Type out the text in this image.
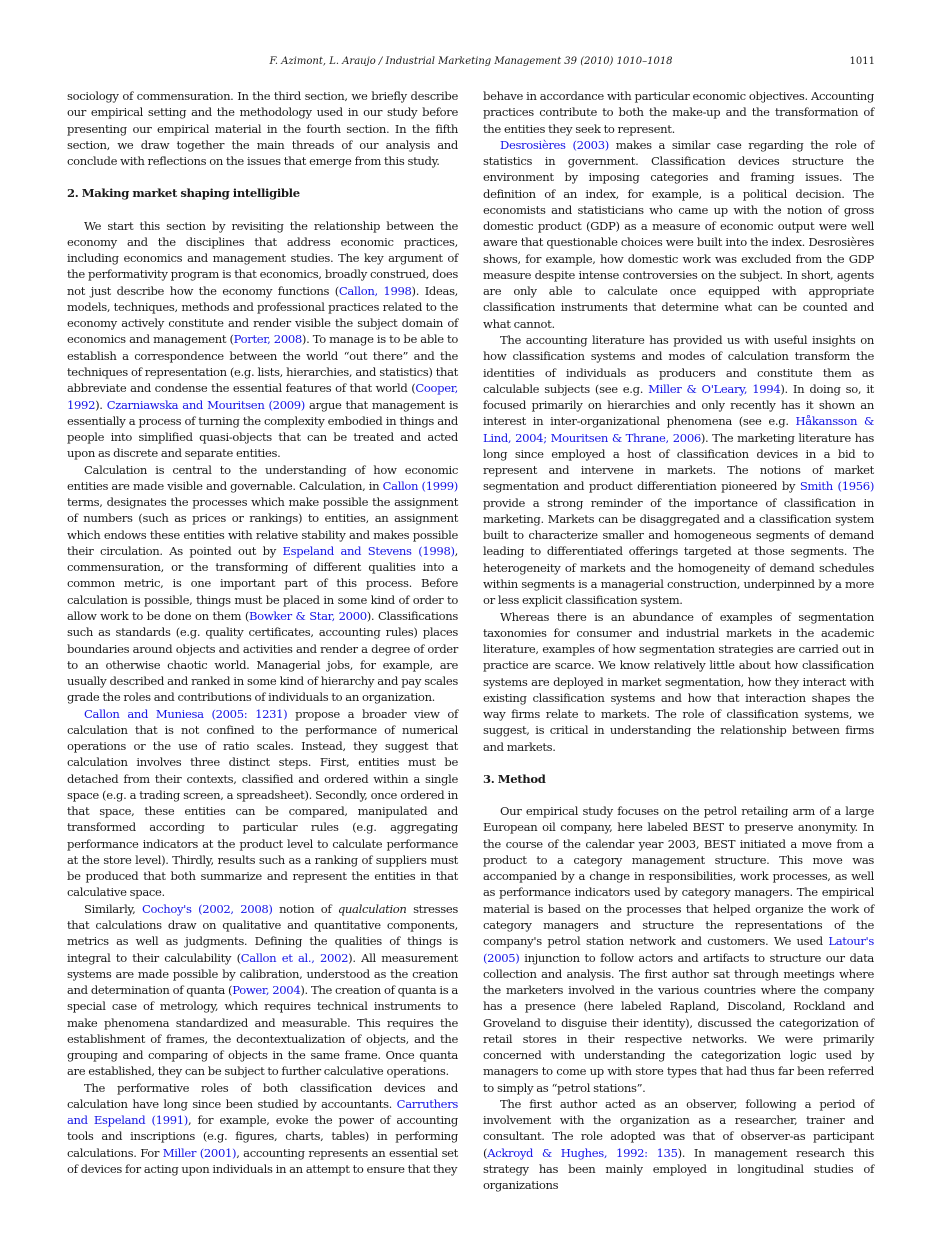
F. Azimont, L. Araujo / Industrial Marketing Management 39 (2010) 1010–1018	1011

sociology of commensuration. In the third section, we briefly describe our empirical setting and the methodology used in our study before presenting our empirical material in the fourth section. In the fifth section, we draw together the main threads of our analysis and conclude with reflections on the issues that emerge from this study.

2. Making market shaping intelligible

We start this section by revisiting the relationship between the economy and the disciplines that address economic practices, including economics and management studies. The key argument of the performativity program is that economics, broadly construed, does not just describe how the economy functions (Callon, 1998). Ideas, models, techniques, methods and professional practices related to the economy actively constitute and render visible the subject domain of economics and management (Porter, 2008). To manage is to be able to establish a correspondence between the world “out there” and the techniques of representation (e.g. lists, hierarchies, and statistics) that abbreviate and condense the essential features of that world (Cooper, 1992). Czarniawska and Mouritsen (2009) argue that management is essentially a process of turning the complexity embodied in things and people into simplified quasi-objects that can be treated and acted upon as discrete and separate entities.

Calculation is central to the understanding of how economic entities are made visible and governable. Calculation, in Callon (1999) terms, designates the processes which make possible the assignment of numbers (such as prices or rankings) to entities, an assignment which endows these entities with relative stability and makes possible their circulation. As pointed out by Espeland and Stevens (1998), commensuration, or the transforming of different qualities into a common metric, is one important part of this process. Before calculation is possible, things must be placed in some kind of order to allow work to be done on them (Bowker & Star, 2000). Classifications such as standards (e.g. quality certificates, accounting rules) places boundaries around objects and activities and render a degree of order to an otherwise chaotic world. Managerial jobs, for example, are usually described and ranked in some kind of hierarchy and pay scales grade the roles and contributions of individuals to an organization.

Callon and Muniesa (2005: 1231) propose a broader view of calculation that is not confined to the performance of numerical operations or the use of ratio scales. Instead, they suggest that calculation involves three distinct steps. First, entities must be detached from their contexts, classified and ordered within a single space (e.g. a trading screen, a spreadsheet). Secondly, once ordered in that space, these entities can be compared, manipulated and transformed according to particular rules (e.g. aggregating performance indicators at the product level to calculate performance at the store level). Thirdly, results such as a ranking of suppliers must be produced that both summarize and represent the entities in that calculative space.

Similarly, Cochoy's (2002, 2008) notion of qualculation stresses that calculations draw on qualitative and quantitative components, metrics as well as judgments. Defining the qualities of things is integral to their calculability (Callon et al., 2002). All measurement systems are made possible by calibration, understood as the creation and determination of quanta (Power, 2004). The creation of quanta is a special case of metrology, which requires technical instruments to make phenomena standardized and measurable. This requires the establishment of frames, the decontextualization of objects, and the grouping and comparing of objects in the same frame. Once quanta are established, they can be subject to further calculative operations.

The performative roles of both classification devices and calculation have long since been studied by accountants. Carruthers and Espeland (1991), for example, evoke the power of accounting tools and inscriptions (e.g. figures, charts, tables) in performing calculations. For Miller (2001), accounting represents an essential set of devices for acting upon individuals in an attempt to ensure that they

behave in accordance with particular economic objectives. Accounting practices contribute to both the make-up and the transformation of the entities they seek to represent.

Desrosières (2003) makes a similar case regarding the role of statistics in government. Classification devices structure the environment by imposing categories and framing issues. The definition of an index, for example, is a political decision. The economists and statisticians who came up with the notion of gross domestic product (GDP) as a measure of economic output were well aware that questionable choices were built into the index. Desrosières shows, for example, how domestic work was excluded from the GDP measure despite intense controversies on the subject. In short, agents are only able to calculate once equipped with appropriate classification instruments that determine what can be counted and what cannot.

The accounting literature has provided us with useful insights on how classification systems and modes of calculation transform the identities of individuals as producers and constitute them as calculable subjects (see e.g. Miller & O'Leary, 1994). In doing so, it focused primarily on hierarchies and only recently has it shown an interest in inter-organizational phenomena (see e.g. Håkansson & Lind, 2004; Mouritsen & Thrane, 2006). The marketing literature has long since employed a host of classification devices in a bid to represent and intervene in markets. The notions of market segmentation and product differentiation pioneered by Smith (1956) provide a strong reminder of the importance of classification in marketing. Markets can be disaggregated and a classification system built to characterize smaller and homogeneous segments of demand leading to differentiated offerings targeted at those segments. The heterogeneity of markets and the homogeneity of demand schedules within segments is a managerial construction, underpinned by a more or less explicit classification system.

Whereas there is an abundance of examples of segmentation taxonomies for consumer and industrial markets in the academic literature, examples of how segmentation strategies are carried out in practice are scarce. We know relatively little about how classification systems are deployed in market segmentation, how they interact with existing classification systems and how that interaction shapes the way firms relate to markets. The role of classification systems, we suggest, is critical in understanding the relationship between firms and markets.

3. Method

Our empirical study focuses on the petrol retailing arm of a large European oil company, here labeled BEST to preserve anonymity. In the course of the calendar year 2003, BEST initiated a move from a product to a category management structure. This move was accompanied by a change in responsibilities, work processes, as well as performance indicators used by category managers. The empirical material is based on the processes that helped organize the work of category managers and structure the representations of the company's petrol station network and customers. We used Latour's (2005) injunction to follow actors and artifacts to structure our data collection and analysis. The first author sat through meetings where the marketers involved in the various countries where the company has a presence (here labeled Rapland, Discoland, Rockland and Groveland to disguise their identity), discussed the categorization of retail stores in their respective networks. We were primarily concerned with understanding the categorization logic used by managers to come up with store types that had thus far been referred to simply as “petrol stations”.

The first author acted as an observer, following a period of involvement with the organization as a researcher, trainer and consultant. The role adopted was that of observer-as participant (Ackroyd & Hughes, 1992: 135). In management research this strategy has been mainly employed in longitudinal studies of organizations
